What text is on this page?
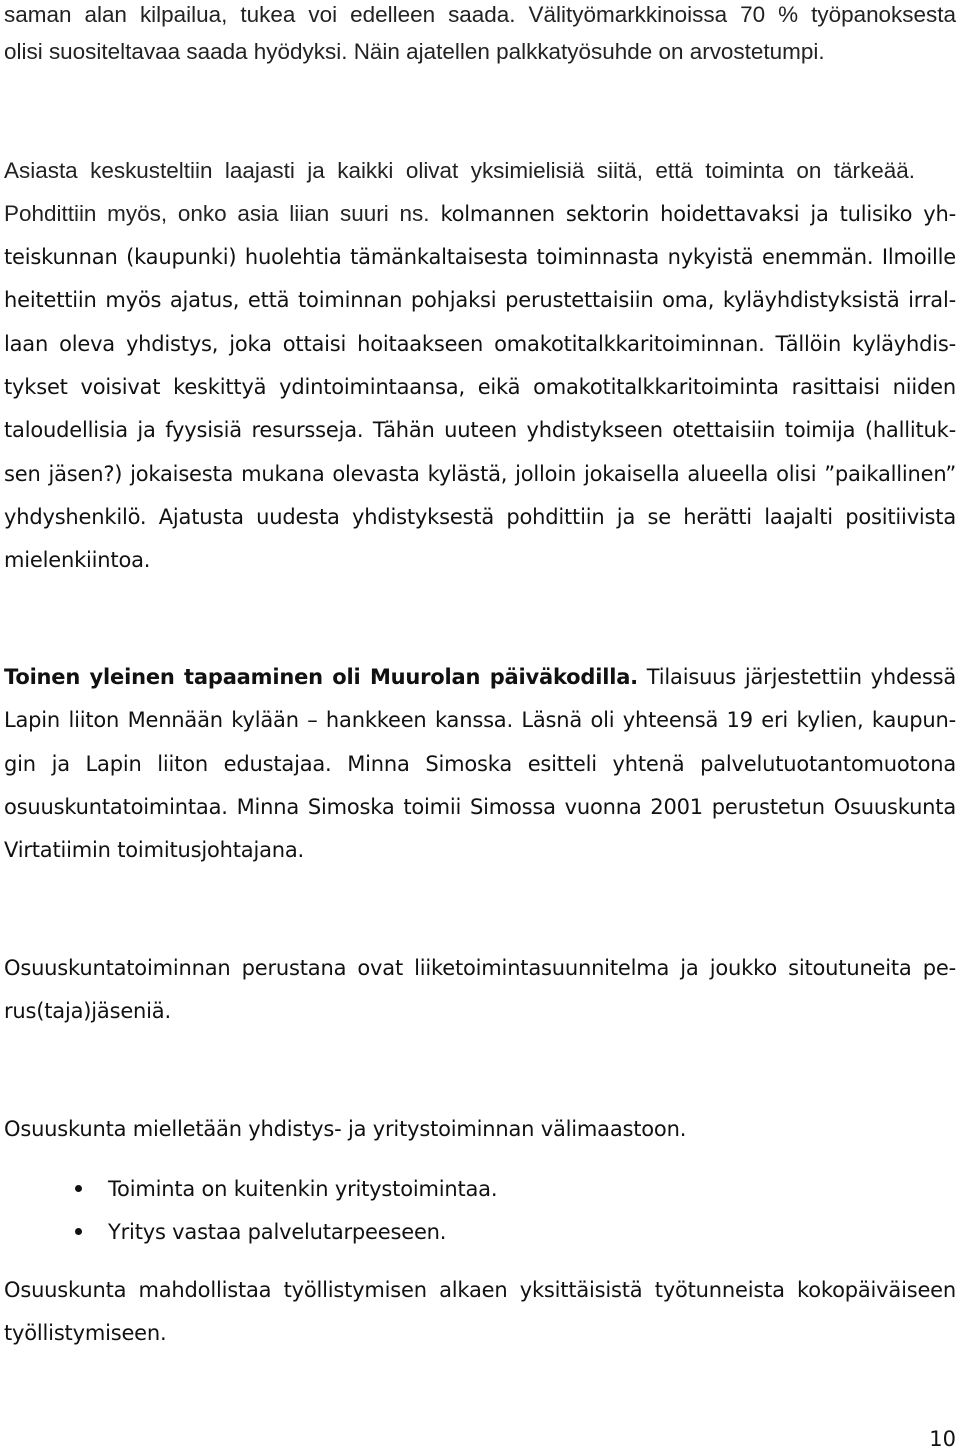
saman alan kilpailua, tukea voi edelleen saada. Välityömarkkinoissa 70 % työpanoksesta
olisi suositeltavaa saada hyödyksi. Näin ajatellen palkkatyösuhde on arvostetumpi.
Asiasta keskusteltiin laajasti ja kaikki olivat yksimielisiä siitä, että toiminta on tärkeää.
Pohdittiin myös, onko asia liian suuri ns. kolmannen sektorin hoidettavaksi ja tulisiko yh-
teiskunnan (kaupunki) huolehtia tämänkaltaisesta toiminnasta nykyistä enemmän. Ilmoille
heitettiin myös ajatus, että toiminnan pohjaksi perustettaisiin oma, kyläyhdistyksistä irral-
laan oleva yhdistys, joka ottaisi hoitaakseen omakotitalkkaritoiminnan. Tällöin kyläyhdis-
tykset voisivat keskittyä ydintoimintaansa, eikä omakotitalkkaritoiminta rasittaisi niiden
taloudellisia ja fyysisiä resursseja. Tähän uuteen yhdistykseen otettaisiin toimija (hallituk-
sen jäsen?) jokaisesta mukana olevasta kylästä, jolloin jokaisella alueella olisi ”paikallinen”
yhdyshenkilö. Ajatusta uudesta yhdistyksestä pohdittiin ja se herätti laajalti positiivista
mielenkiintoa.
Toinen yleinen tapaaminen oli Muurolan päiväkodilla. Tilaisuus järjestettiin yhdessä
Lapin liiton Mennään kylään – hankkeen kanssa. Läsnä oli yhteensä 19 eri kylien, kaupun-
gin ja Lapin liiton edustajaa. Minna Simoska esitteli yhtenä palvelutuotantomuotona
osuuskuntatoimintaa. Minna Simoska toimii Simossa vuonna 2001 perustetun Osuuskunta
Virtatiimin toimitusjohtajana.
Osuuskuntatoiminnan perustana ovat liiketoimintasuunnitelma ja joukko sitoutuneita pe-
rus(taja)jäseniä.
Osuuskunta mielletään yhdistys- ja yritystoiminnan välimaastoon.
Toiminta on kuitenkin yritystoimintaa.
Yritys vastaa palvelutarpeeseen.
Osuuskunta mahdollistaa työllistymisen alkaen yksittäisistä työtunneista kokopäiväiseen
työllistymiseen.
10
